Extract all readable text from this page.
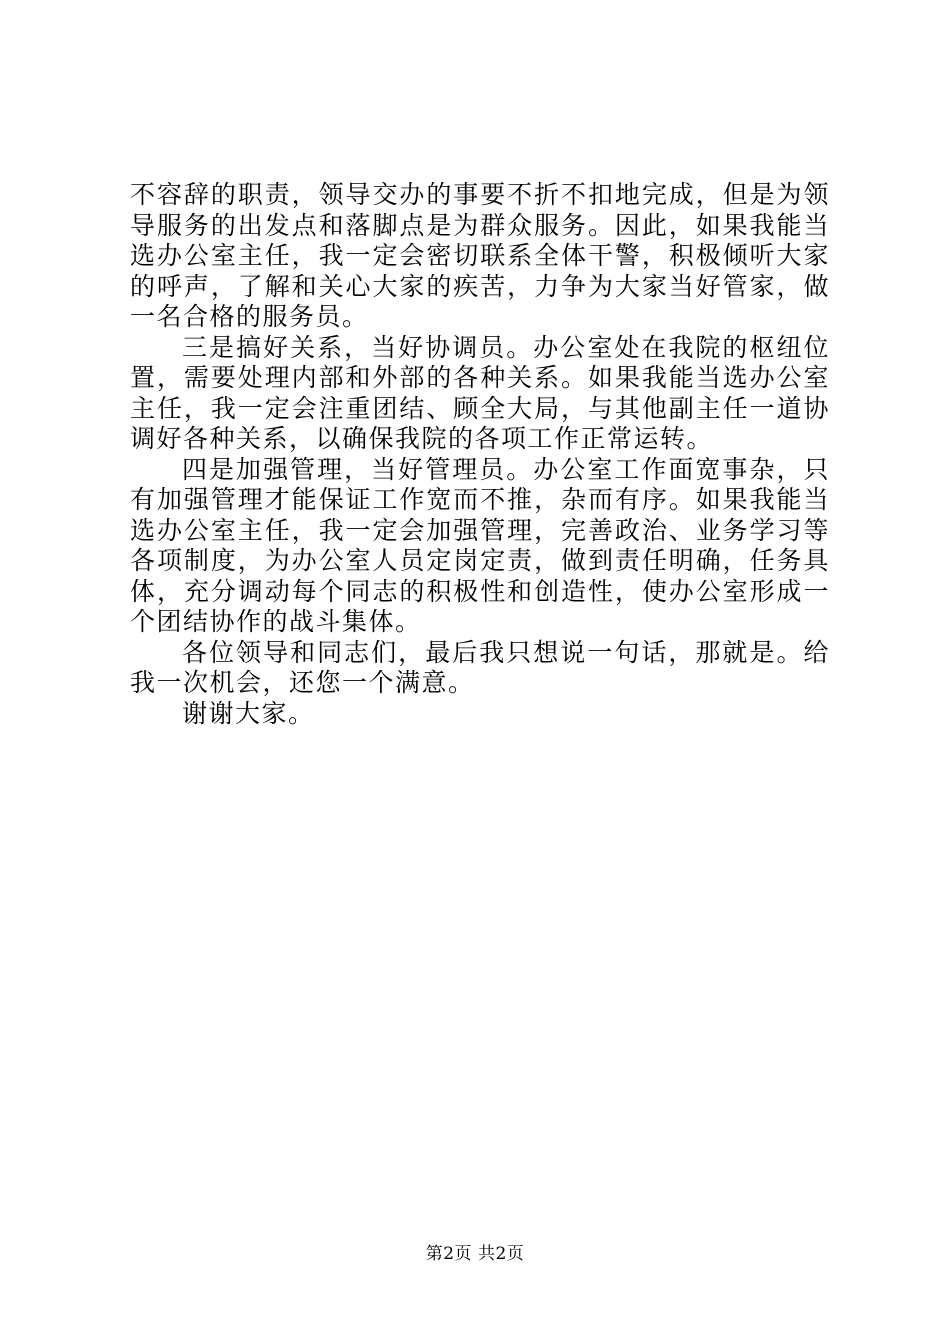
不容辞的职责，领导交办的事要不折不扣地完成，但是为领导服务的出发点和落脚点是为群众服务。因此，如果我能当选办公室主任，我一定会密切联系全体干警，积极倾听大家的呼声，了解和关心大家的疾苦，力争为大家当好管家，做一名合格的服务员。

三是搞好关系，当好协调员。办公室处在我院的枢纽位置，需要处理内部和外部的各种关系。如果我能当选办公室主任，我一定会注重团结、顾全大局，与其他副主任一道协调好各种关系，以确保我院的各项工作正常运转。

四是加强管理，当好管理员。办公室工作面宽事杂，只有加强管理才能保证工作宽而不推，杂而有序。如果我能当选办公室主任，我一定会加强管理，完善政治、业务学习等各项制度，为办公室人员定岗定责，做到责任明确，任务具体，充分调动每个同志的积极性和创造性，使办公室形成一个团结协作的战斗集体。

各位领导和同志们，最后我只想说一句话，那就是。给我一次机会，还您一个满意。

谢谢大家。

第2页 共2页
